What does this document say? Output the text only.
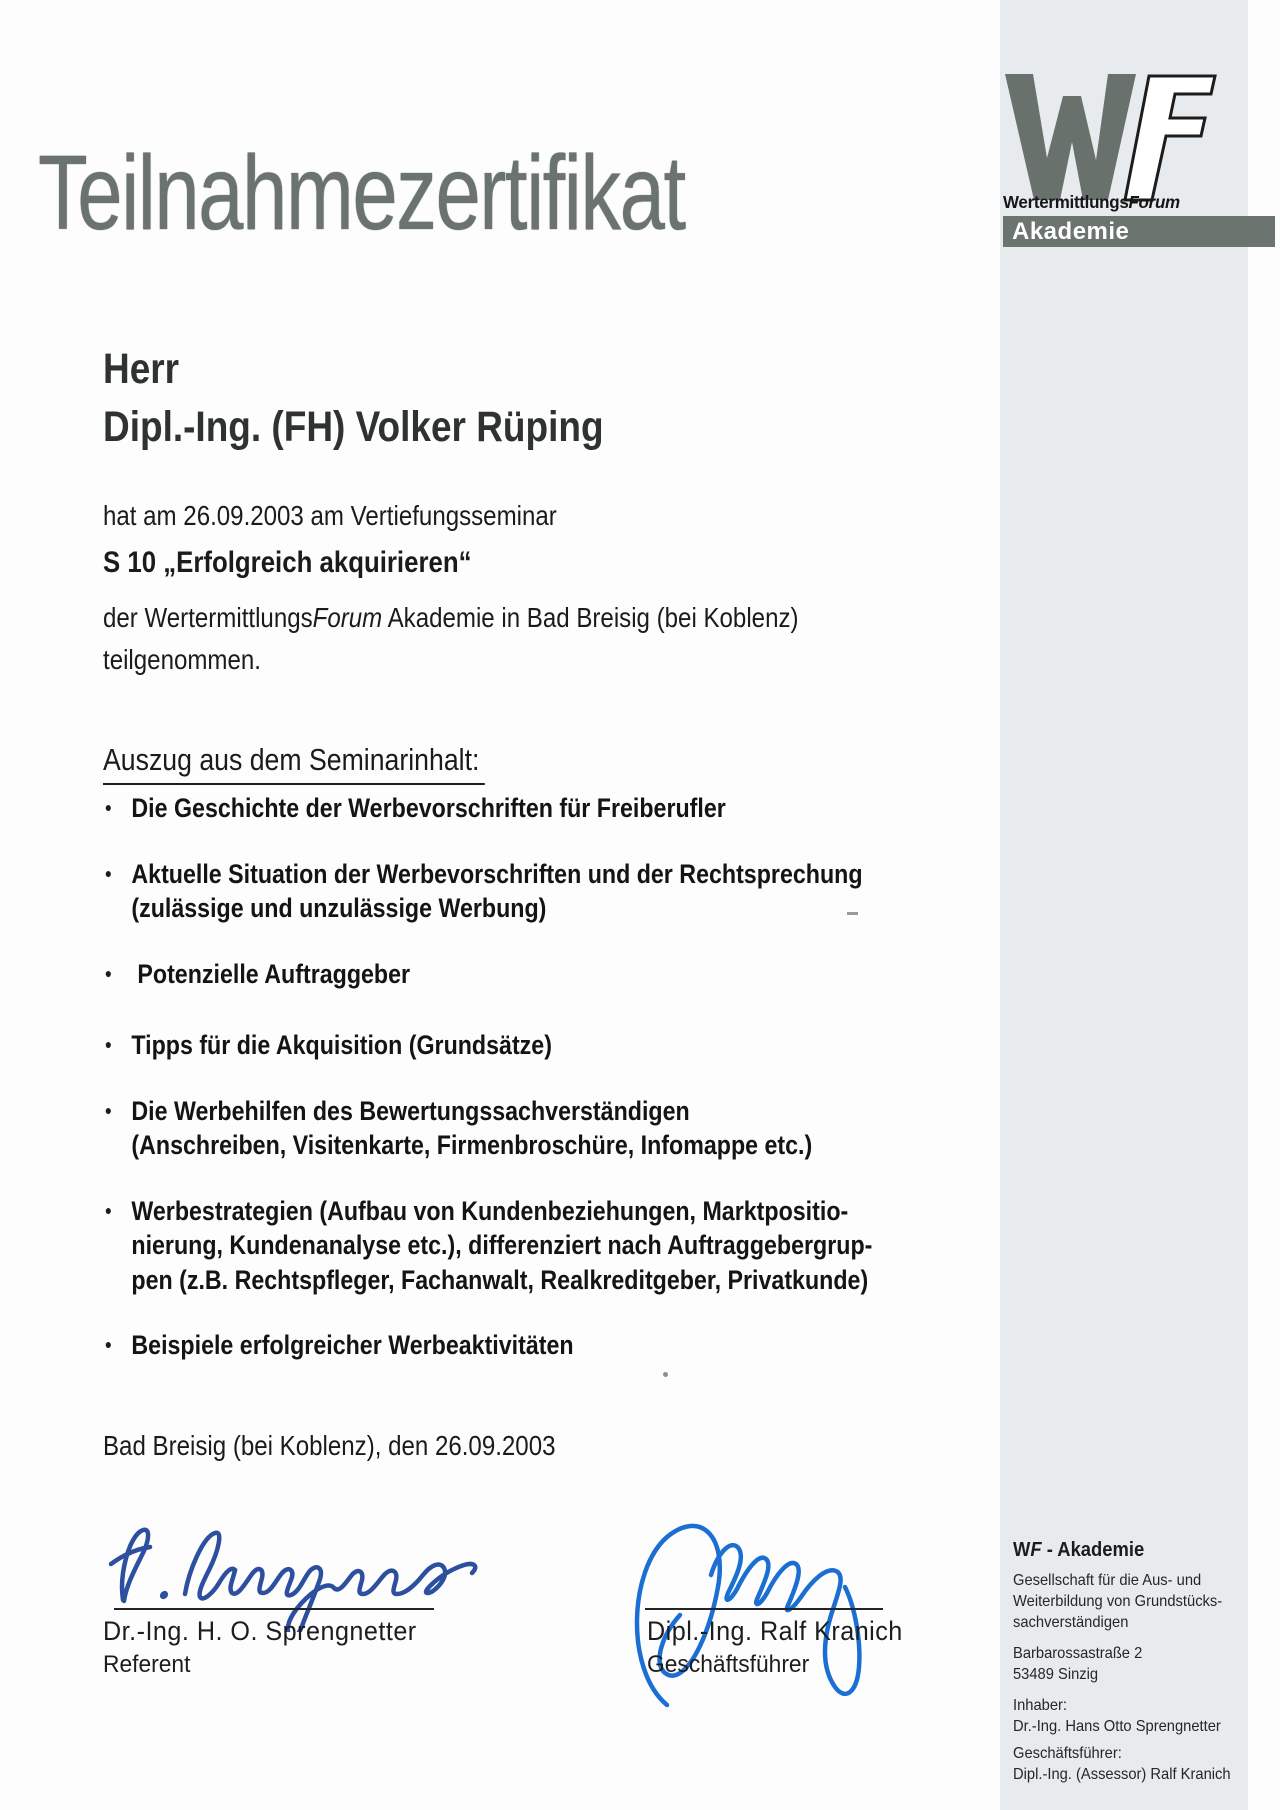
WertermittlungsForum
Akademie
Teilnahmezertifikat
Herr
Dipl.-Ing. (FH) Volker Rüping
hat am 26.09.2003 am Vertiefungsseminar
S 10 „Erfolgreich akquirieren“
der WertermittlungsForum Akademie in Bad Breisig (bei Koblenz)
teilgenommen.
Auszug aus dem Seminarinhalt:
● Die Geschichte der Werbevorschriften für Freiberufler
● Aktuelle Situation der Werbevorschriften und der Rechtsprechung
(zulässige und unzulässige Werbung)
● Potenzielle Auftraggeber
● Tipps für die Akquisition (Grundsätze)
● Die Werbehilfen des Bewertungssachverständigen
(Anschreiben, Visitenkarte, Firmenbroschüre, Infomappe etc.)
● Werbestrategien (Aufbau von Kundenbeziehungen, Marktpositio-
nierung, Kundenanalyse etc.), differenziert nach Auftraggebergrup-
pen (z.B. Rechtspfleger, Fachanwalt, Realkreditgeber, Privatkunde)
● Beispiele erfolgreicher Werbeaktivitäten
Bad Breisig (bei Koblenz), den 26.09.2003
Dr.-Ing. H. O. Sprengnetter
Referent
Dipl.-Ing. Ralf Kranich
Geschäftsführer
WF - Akademie
Gesellschaft für die Aus- und
Weiterbildung von Grundstücks-
sachverständigen
Barbarossastraße 2
53489 Sinzig
Inhaber:
Dr.-Ing. Hans Otto Sprengnetter
Geschäftsführer:
Dipl.-Ing. (Assessor) Ralf Kranich
